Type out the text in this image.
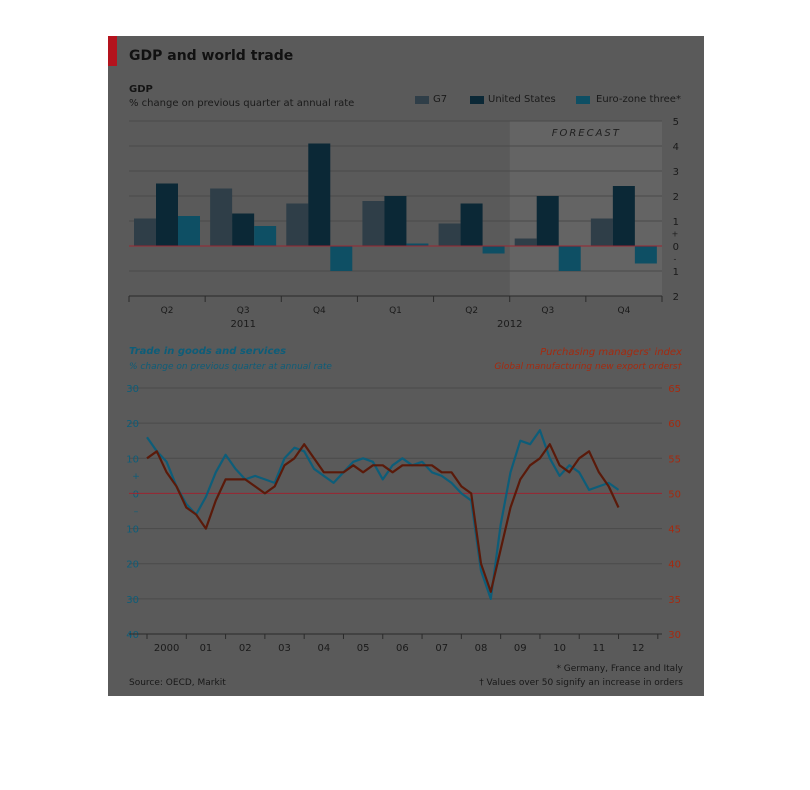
GDP and world trade
GDP
% change on previous quarter at annual rate	G7	United States	Euro-zone three*
Trade in goods and services
% change on previous quarter at annual rate
Purchasing managers' index
Global manufacturing new export orders†
Source: OECD, Markit
* Germany, France and Italy
† Values over 50 signify an increase in orders
FORECAST
2
1
0
1
2
3
4
5
+
-
Q2	Q3	Q4	Q1	Q2	Q3	Q4
2011	2012
40
30
20
10
0
10
20
30
+
–
30
35
40
45
50
55
60
65
2000 01	02	03	04	05	06	07	08	09	10	11	12
